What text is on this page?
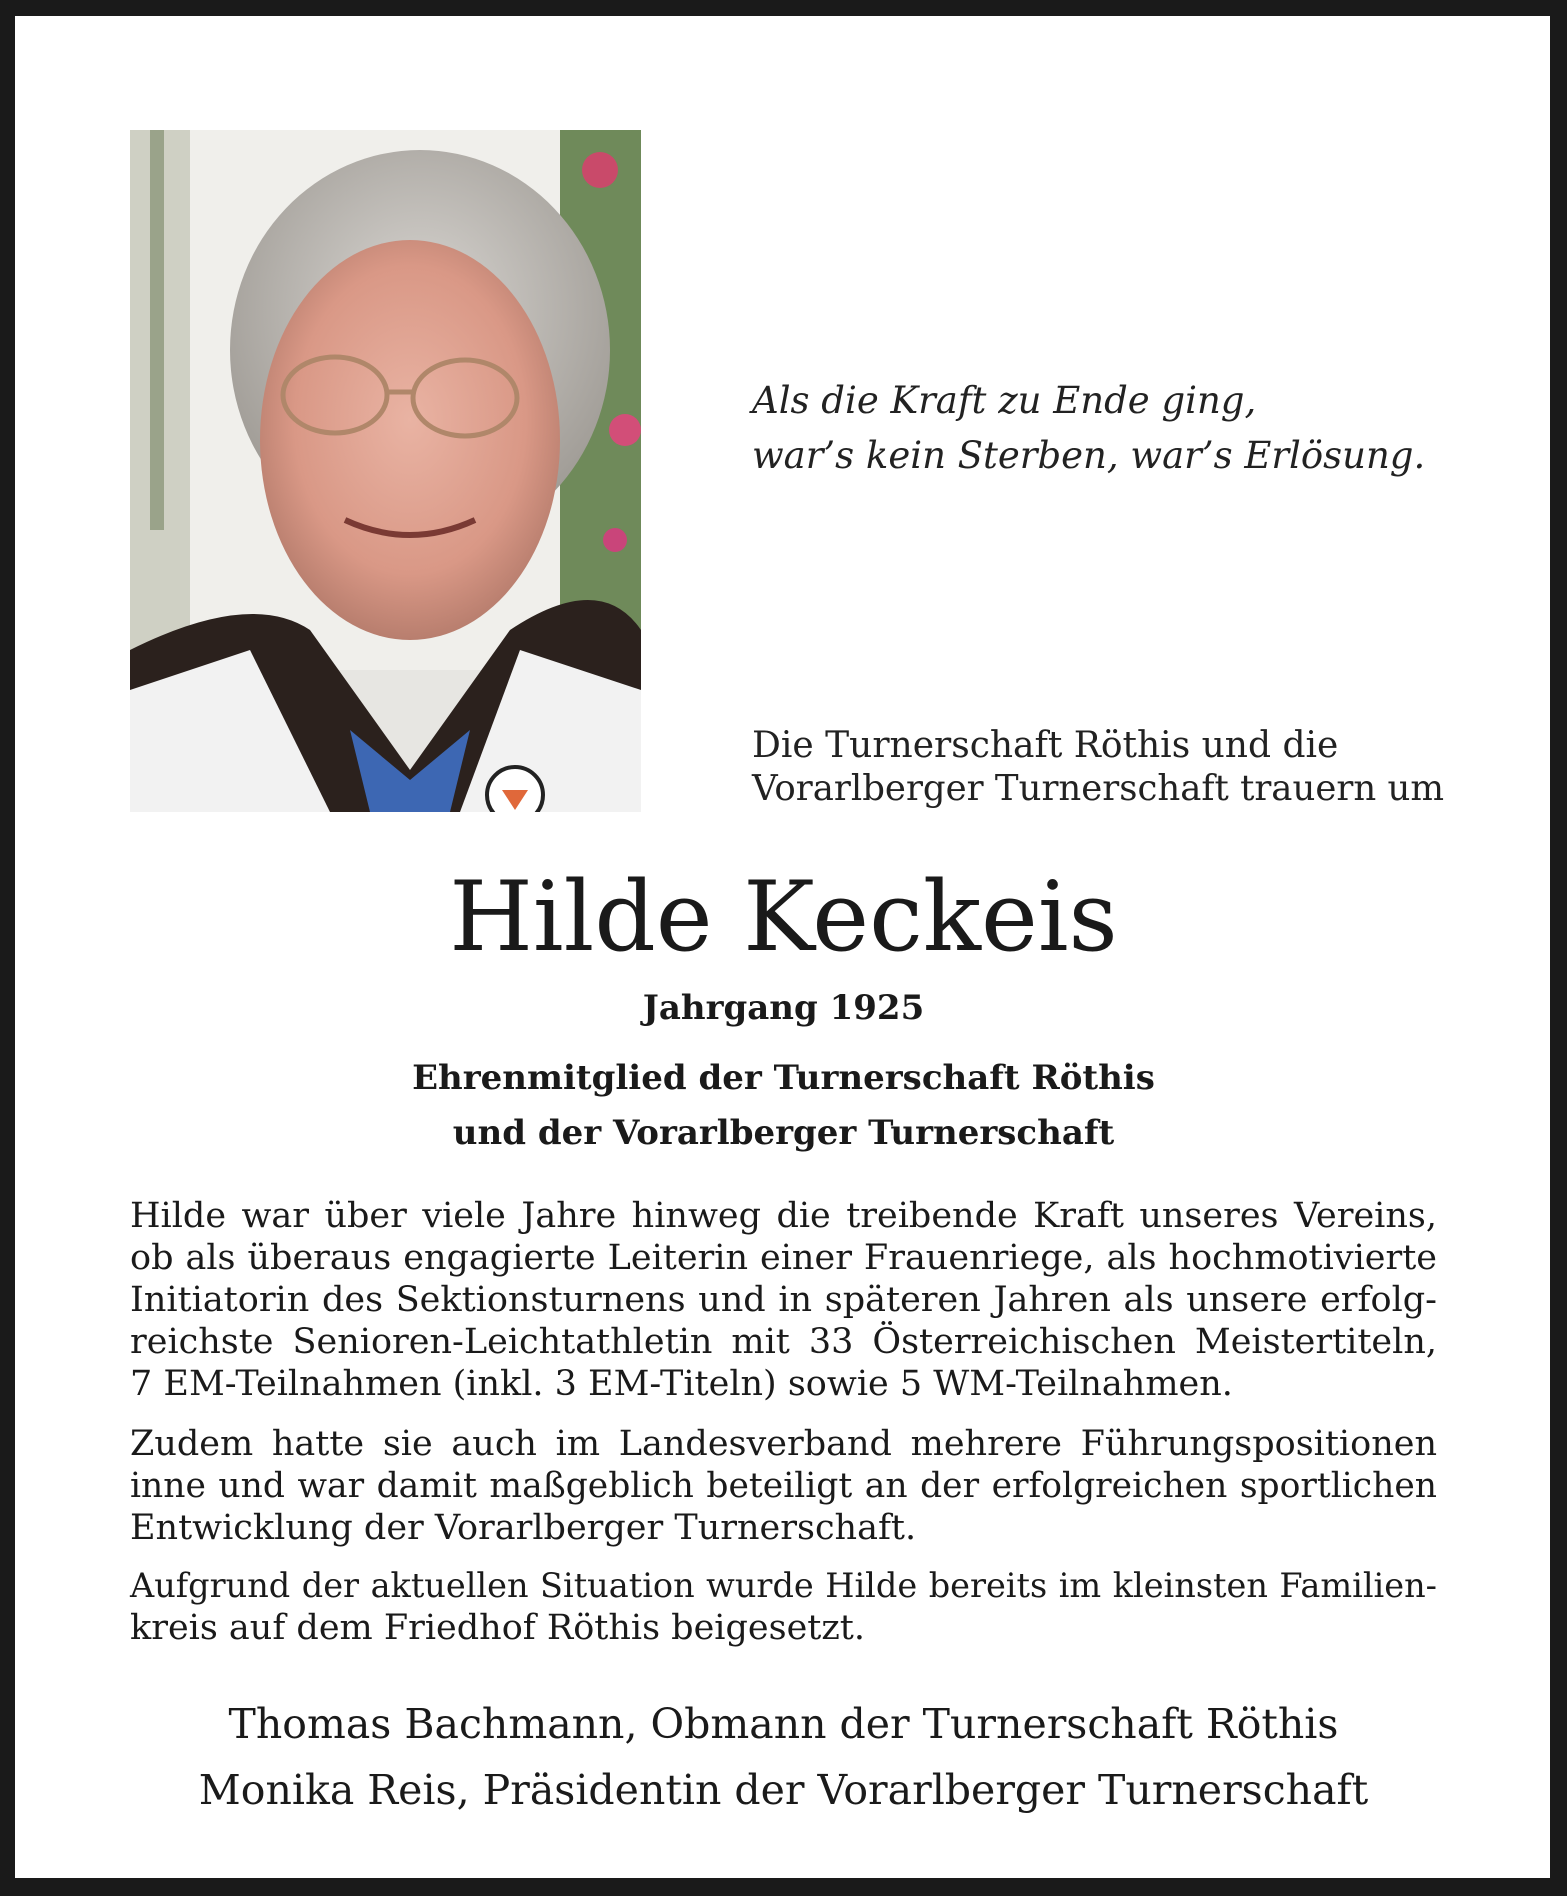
Als die Kraft zu Ende ging,
war’s kein Sterben, war’s Erlösung.
Die Turnerschaft Röthis und die
Vorarlberger Turnerschaft trauern um
Hilde Keckeis
Jahrgang 1925
Ehrenmitglied der Turnerschaft Röthis
und der Vorarlberger Turnerschaft
Hilde war über viele Jahre hinweg die treibende Kraft unseres Vereins,
ob als überaus engagierte Leiterin einer Frauenriege, als hochmotivierte
Initiatorin des Sektionsturnens und in späteren Jahren als unsere erfolg-
reichste Senioren-Leichtathletin mit 33 Österreichischen Meistertiteln,
7 EM-Teilnahmen (inkl. 3 EM-Titeln) sowie 5 WM-Teilnahmen.
Zudem hatte sie auch im Landesverband mehrere Führungspositionen
inne und war damit maßgeblich beteiligt an der erfolgreichen sportlichen
Entwicklung der Vorarlberger Turnerschaft.
Aufgrund der aktuellen Situation wurde Hilde bereits im kleinsten Familien-
kreis auf dem Friedhof Röthis beigesetzt.
Thomas Bachmann, Obmann der Turnerschaft Röthis
Monika Reis, Präsidentin der Vorarlberger Turnerschaft
